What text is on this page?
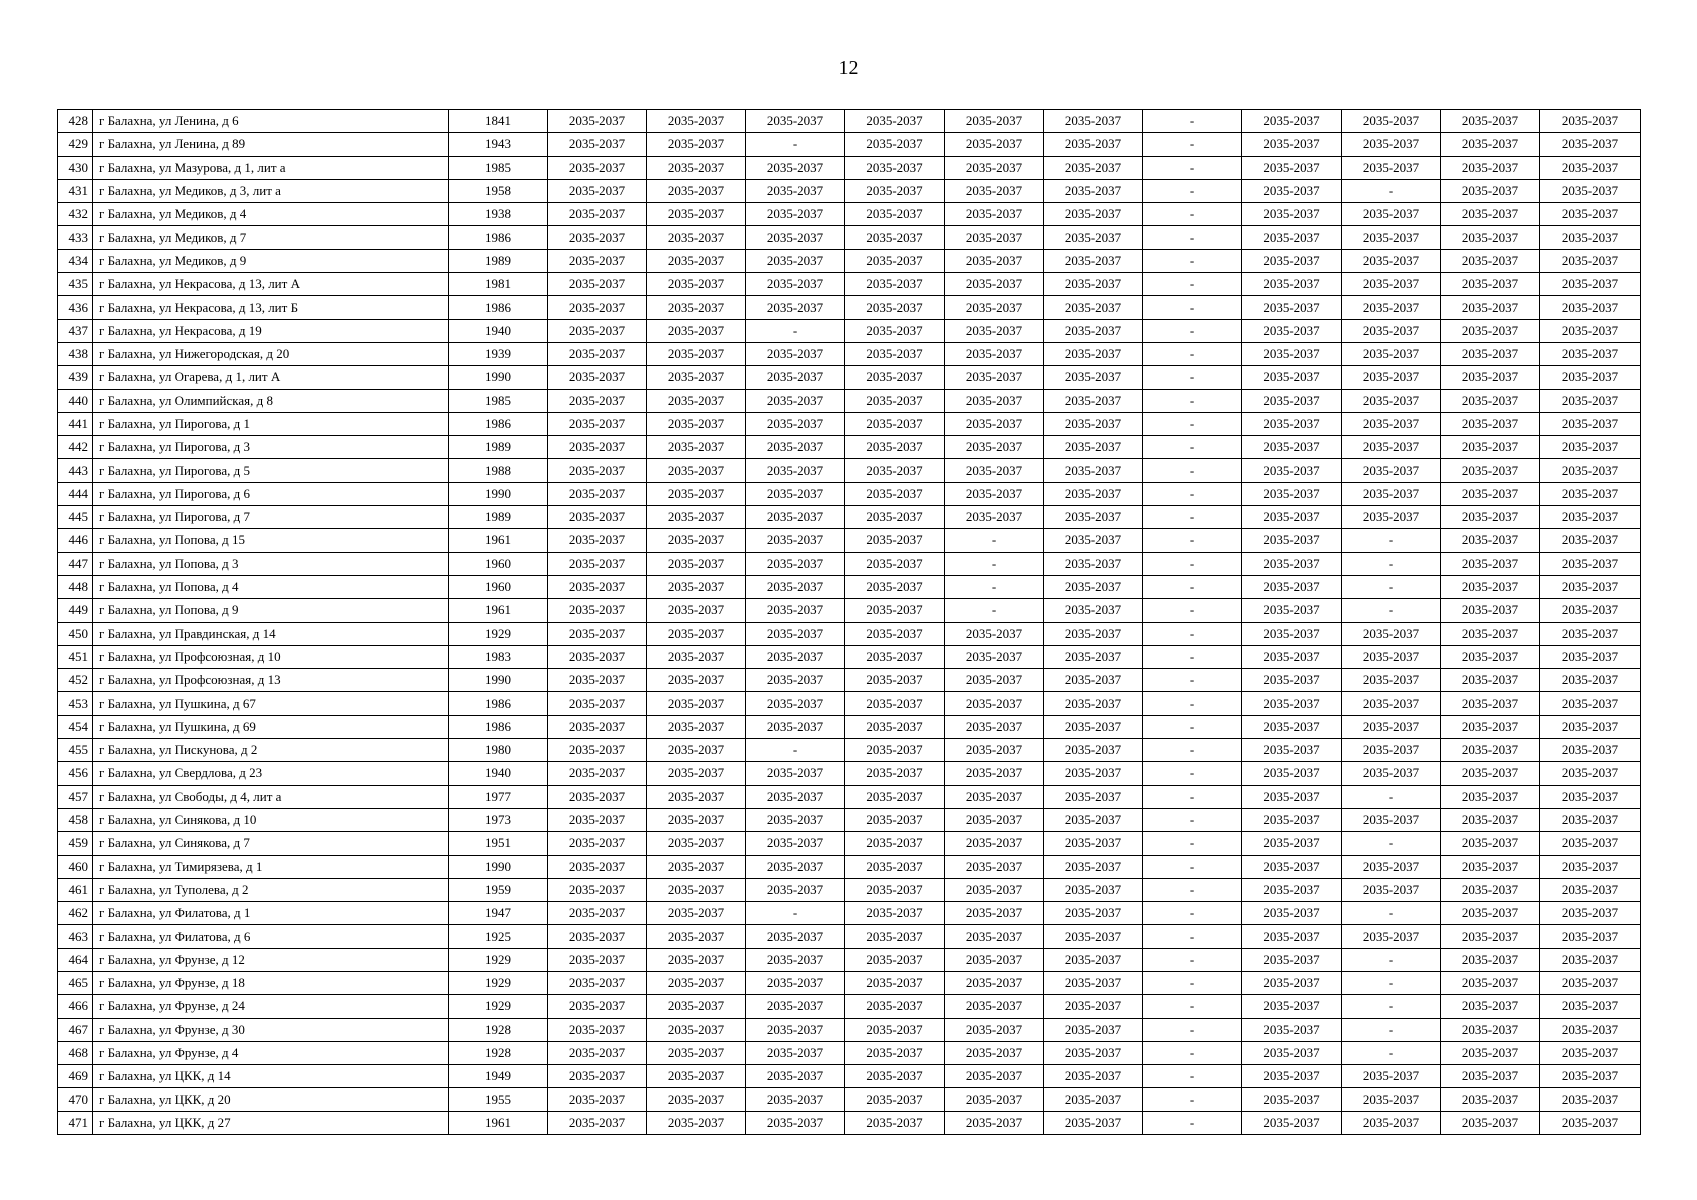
12
428	г Балахна, ул Ленина, д 6	1841	2035-2037	2035-2037	2035-2037	2035-2037	2035-2037	2035-2037	-	2035-2037	2035-2037	2035-2037	2035-2037
429	г Балахна, ул Ленина, д 89	1943	2035-2037	2035-2037	-	2035-2037	2035-2037	2035-2037	-	2035-2037	2035-2037	2035-2037	2035-2037
430	г Балахна, ул Мазурова, д 1, лит а	1985	2035-2037	2035-2037	2035-2037	2035-2037	2035-2037	2035-2037	-	2035-2037	2035-2037	2035-2037	2035-2037
431	г Балахна, ул Медиков, д 3, лит а	1958	2035-2037	2035-2037	2035-2037	2035-2037	2035-2037	2035-2037	-	2035-2037	-	2035-2037	2035-2037
432	г Балахна, ул Медиков, д 4	1938	2035-2037	2035-2037	2035-2037	2035-2037	2035-2037	2035-2037	-	2035-2037	2035-2037	2035-2037	2035-2037
433	г Балахна, ул Медиков, д 7	1986	2035-2037	2035-2037	2035-2037	2035-2037	2035-2037	2035-2037	-	2035-2037	2035-2037	2035-2037	2035-2037
434	г Балахна, ул Медиков, д 9	1989	2035-2037	2035-2037	2035-2037	2035-2037	2035-2037	2035-2037	-	2035-2037	2035-2037	2035-2037	2035-2037
435	г Балахна, ул Некрасова, д 13, лит А	1981	2035-2037	2035-2037	2035-2037	2035-2037	2035-2037	2035-2037	-	2035-2037	2035-2037	2035-2037	2035-2037
436	г Балахна, ул Некрасова, д 13, лит Б	1986	2035-2037	2035-2037	2035-2037	2035-2037	2035-2037	2035-2037	-	2035-2037	2035-2037	2035-2037	2035-2037
437	г Балахна, ул Некрасова, д 19	1940	2035-2037	2035-2037	-	2035-2037	2035-2037	2035-2037	-	2035-2037	2035-2037	2035-2037	2035-2037
438	г Балахна, ул Нижегородская, д 20	1939	2035-2037	2035-2037	2035-2037	2035-2037	2035-2037	2035-2037	-	2035-2037	2035-2037	2035-2037	2035-2037
439	г Балахна, ул Огарева, д 1, лит А	1990	2035-2037	2035-2037	2035-2037	2035-2037	2035-2037	2035-2037	-	2035-2037	2035-2037	2035-2037	2035-2037
440	г Балахна, ул Олимпийская, д 8	1985	2035-2037	2035-2037	2035-2037	2035-2037	2035-2037	2035-2037	-	2035-2037	2035-2037	2035-2037	2035-2037
441	г Балахна, ул Пирогова, д 1	1986	2035-2037	2035-2037	2035-2037	2035-2037	2035-2037	2035-2037	-	2035-2037	2035-2037	2035-2037	2035-2037
442	г Балахна, ул Пирогова, д 3	1989	2035-2037	2035-2037	2035-2037	2035-2037	2035-2037	2035-2037	-	2035-2037	2035-2037	2035-2037	2035-2037
443	г Балахна, ул Пирогова, д 5	1988	2035-2037	2035-2037	2035-2037	2035-2037	2035-2037	2035-2037	-	2035-2037	2035-2037	2035-2037	2035-2037
444	г Балахна, ул Пирогова, д 6	1990	2035-2037	2035-2037	2035-2037	2035-2037	2035-2037	2035-2037	-	2035-2037	2035-2037	2035-2037	2035-2037
445	г Балахна, ул Пирогова, д 7	1989	2035-2037	2035-2037	2035-2037	2035-2037	2035-2037	2035-2037	-	2035-2037	2035-2037	2035-2037	2035-2037
446	г Балахна, ул Попова, д 15	1961	2035-2037	2035-2037	2035-2037	2035-2037	-	2035-2037	-	2035-2037	-	2035-2037	2035-2037
447	г Балахна, ул Попова, д 3	1960	2035-2037	2035-2037	2035-2037	2035-2037	-	2035-2037	-	2035-2037	-	2035-2037	2035-2037
448	г Балахна, ул Попова, д 4	1960	2035-2037	2035-2037	2035-2037	2035-2037	-	2035-2037	-	2035-2037	-	2035-2037	2035-2037
449	г Балахна, ул Попова, д 9	1961	2035-2037	2035-2037	2035-2037	2035-2037	-	2035-2037	-	2035-2037	-	2035-2037	2035-2037
450	г Балахна, ул Правдинская, д 14	1929	2035-2037	2035-2037	2035-2037	2035-2037	2035-2037	2035-2037	-	2035-2037	2035-2037	2035-2037	2035-2037
451	г Балахна, ул Профсоюзная, д 10	1983	2035-2037	2035-2037	2035-2037	2035-2037	2035-2037	2035-2037	-	2035-2037	2035-2037	2035-2037	2035-2037
452	г Балахна, ул Профсоюзная, д 13	1990	2035-2037	2035-2037	2035-2037	2035-2037	2035-2037	2035-2037	-	2035-2037	2035-2037	2035-2037	2035-2037
453	г Балахна, ул Пушкина, д 67	1986	2035-2037	2035-2037	2035-2037	2035-2037	2035-2037	2035-2037	-	2035-2037	2035-2037	2035-2037	2035-2037
454	г Балахна, ул Пушкина, д 69	1986	2035-2037	2035-2037	2035-2037	2035-2037	2035-2037	2035-2037	-	2035-2037	2035-2037	2035-2037	2035-2037
455	г Балахна, ул Пискунова, д 2	1980	2035-2037	2035-2037	-	2035-2037	2035-2037	2035-2037	-	2035-2037	2035-2037	2035-2037	2035-2037
456	г Балахна, ул Свердлова, д 23	1940	2035-2037	2035-2037	2035-2037	2035-2037	2035-2037	2035-2037	-	2035-2037	2035-2037	2035-2037	2035-2037
457	г Балахна, ул Свободы, д 4, лит а	1977	2035-2037	2035-2037	2035-2037	2035-2037	2035-2037	2035-2037	-	2035-2037	-	2035-2037	2035-2037
458	г Балахна, ул Синякова, д 10	1973	2035-2037	2035-2037	2035-2037	2035-2037	2035-2037	2035-2037	-	2035-2037	2035-2037	2035-2037	2035-2037
459	г Балахна, ул Синякова, д 7	1951	2035-2037	2035-2037	2035-2037	2035-2037	2035-2037	2035-2037	-	2035-2037	-	2035-2037	2035-2037
460	г Балахна, ул Тимирязева, д 1	1990	2035-2037	2035-2037	2035-2037	2035-2037	2035-2037	2035-2037	-	2035-2037	2035-2037	2035-2037	2035-2037
461	г Балахна, ул Туполева, д 2	1959	2035-2037	2035-2037	2035-2037	2035-2037	2035-2037	2035-2037	-	2035-2037	2035-2037	2035-2037	2035-2037
462	г Балахна, ул Филатова, д 1	1947	2035-2037	2035-2037	-	2035-2037	2035-2037	2035-2037	-	2035-2037	-	2035-2037	2035-2037
463	г Балахна, ул Филатова, д 6	1925	2035-2037	2035-2037	2035-2037	2035-2037	2035-2037	2035-2037	-	2035-2037	2035-2037	2035-2037	2035-2037
464	г Балахна, ул Фрунзе, д 12	1929	2035-2037	2035-2037	2035-2037	2035-2037	2035-2037	2035-2037	-	2035-2037	-	2035-2037	2035-2037
465	г Балахна, ул Фрунзе, д 18	1929	2035-2037	2035-2037	2035-2037	2035-2037	2035-2037	2035-2037	-	2035-2037	-	2035-2037	2035-2037
466	г Балахна, ул Фрунзе, д 24	1929	2035-2037	2035-2037	2035-2037	2035-2037	2035-2037	2035-2037	-	2035-2037	-	2035-2037	2035-2037
467	г Балахна, ул Фрунзе, д 30	1928	2035-2037	2035-2037	2035-2037	2035-2037	2035-2037	2035-2037	-	2035-2037	-	2035-2037	2035-2037
468	г Балахна, ул Фрунзе, д 4	1928	2035-2037	2035-2037	2035-2037	2035-2037	2035-2037	2035-2037	-	2035-2037	-	2035-2037	2035-2037
469	г Балахна, ул ЦКК, д 14	1949	2035-2037	2035-2037	2035-2037	2035-2037	2035-2037	2035-2037	-	2035-2037	2035-2037	2035-2037	2035-2037
470	г Балахна, ул ЦКК, д 20	1955	2035-2037	2035-2037	2035-2037	2035-2037	2035-2037	2035-2037	-	2035-2037	2035-2037	2035-2037	2035-2037
471	г Балахна, ул ЦКК, д 27	1961	2035-2037	2035-2037	2035-2037	2035-2037	2035-2037	2035-2037	-	2035-2037	2035-2037	2035-2037	2035-2037
